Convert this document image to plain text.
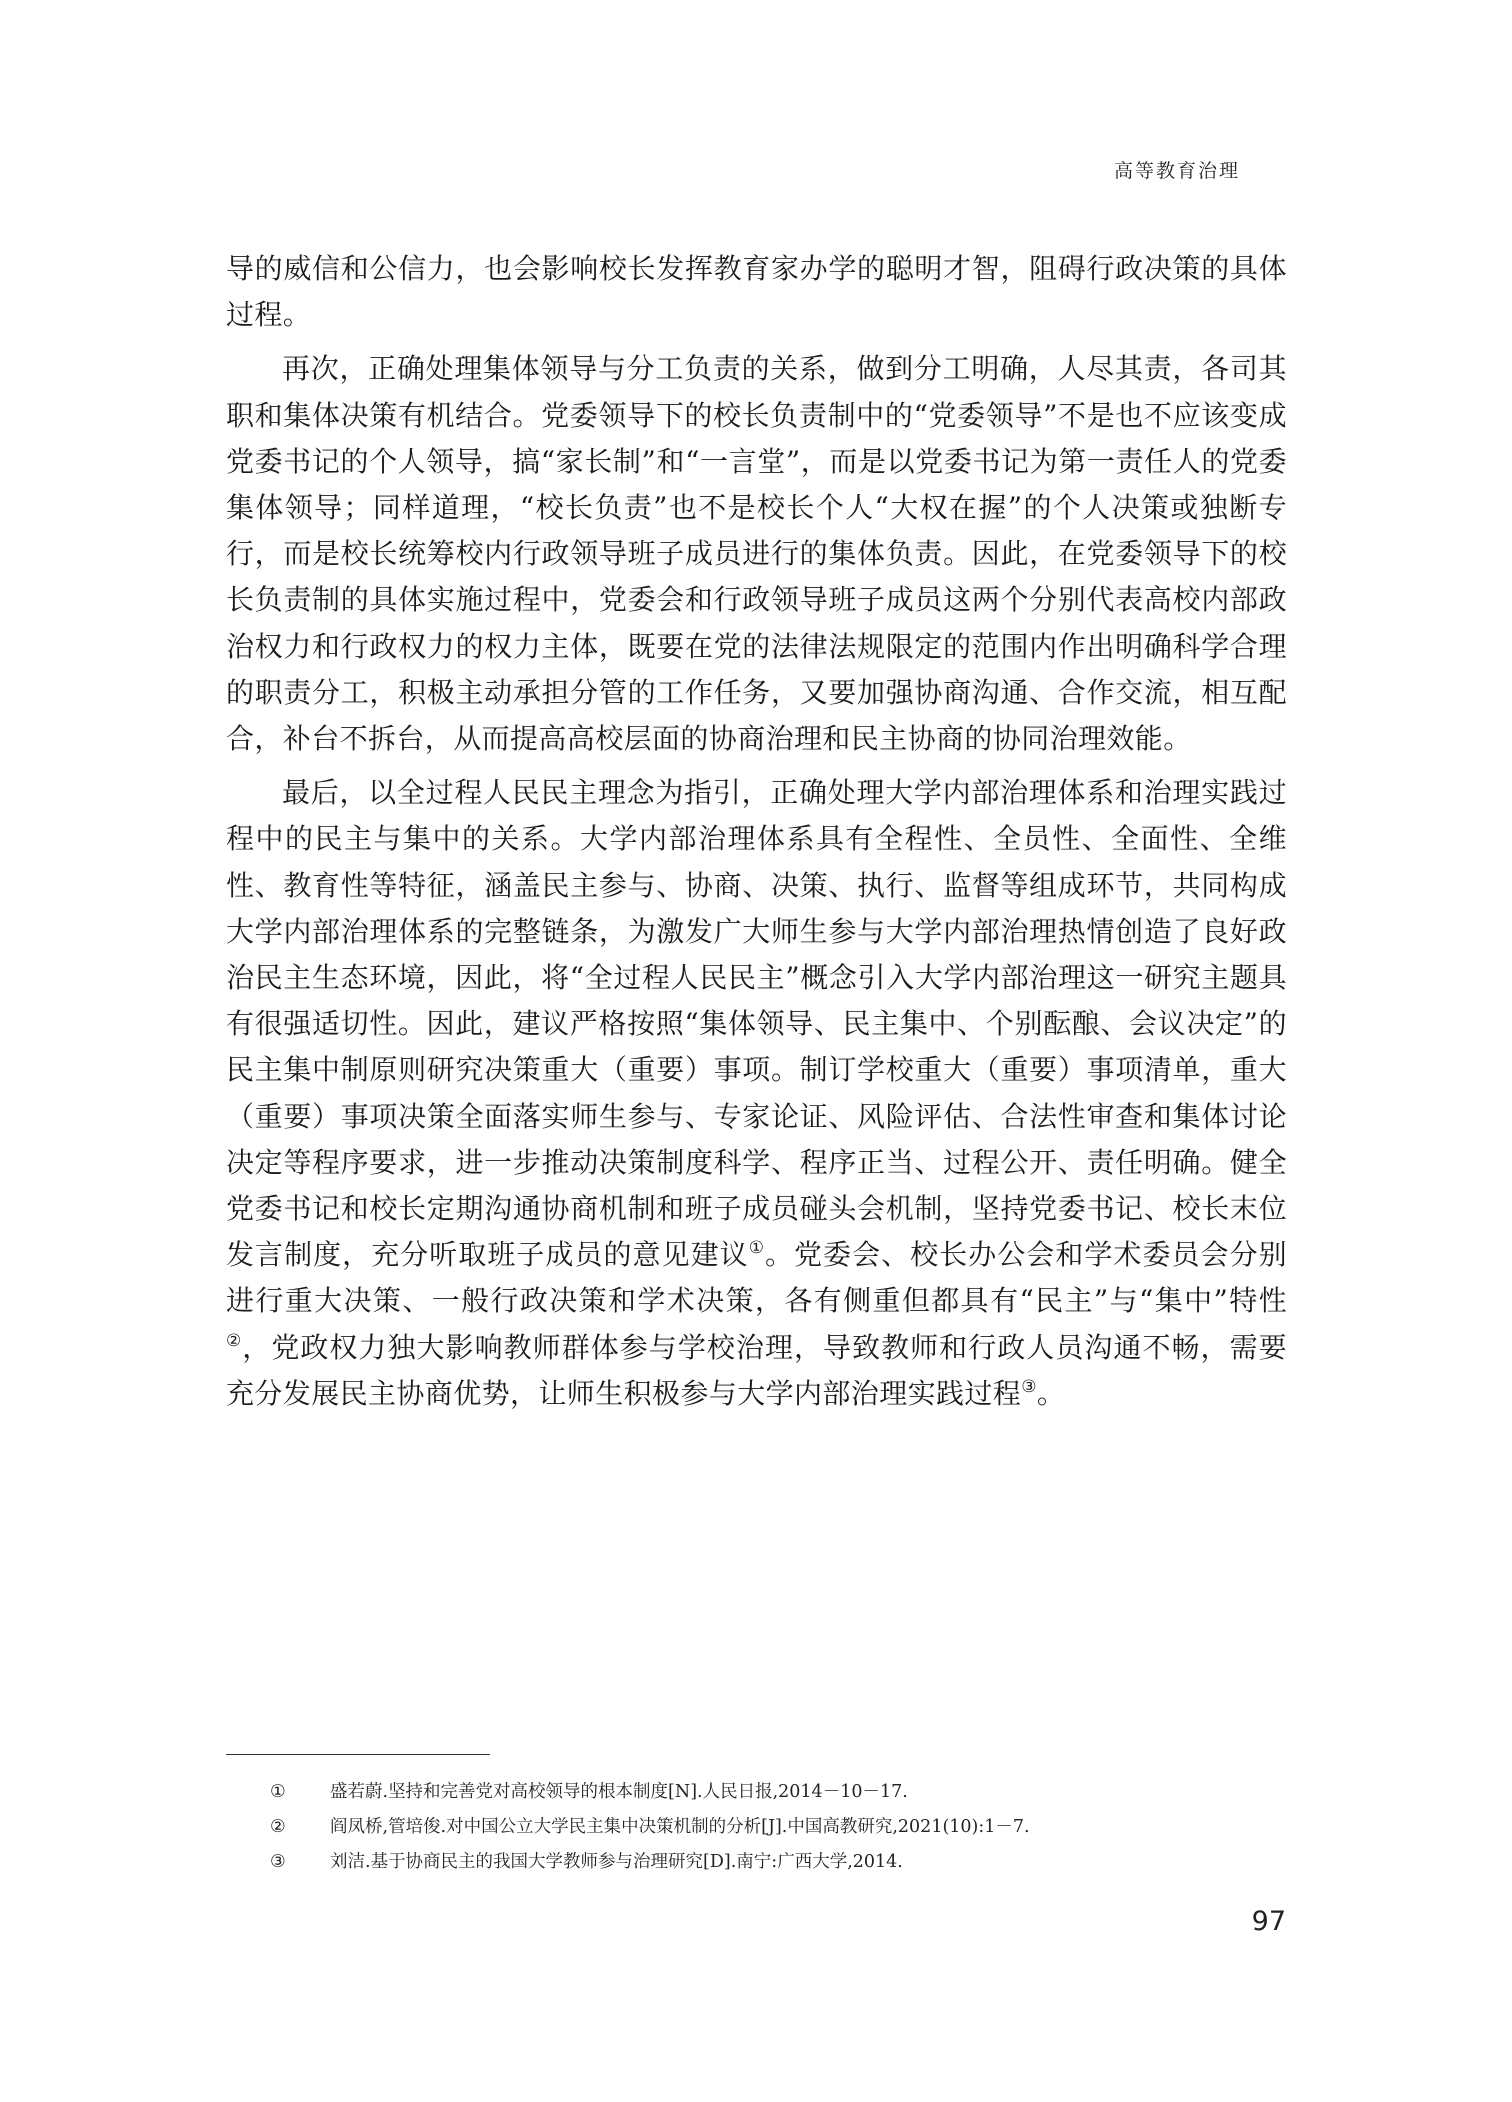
高等教育治理

导的威信和公信力，也会影响校长发挥教育家办学的聪明才智，阻碍行政决策的具体过程。

再次，正确处理集体领导与分工负责的关系，做到分工明确，人尽其责，各司其职和集体决策有机结合。党委领导下的校长负责制中的“党委领导”不是也不应该变成党委书记的个人领导，搞“家长制”和“一言堂”，而是以党委书记为第一责任人的党委集体领导；同样道理，“校长负责”也不是校长个人“大权在握”的个人决策或独断专行，而是校长统筹校内行政领导班子成员进行的集体负责。因此，在党委领导下的校长负责制的具体实施过程中，党委会和行政领导班子成员这两个分别代表高校内部政治权力和行政权力的权力主体，既要在党的法律法规限定的范围内作出明确科学合理的职责分工，积极主动承担分管的工作任务，又要加强协商沟通、合作交流，相互配合，补台不拆台，从而提高高校层面的协商治理和民主协商的协同治理效能。

最后，以全过程人民民主理念为指引，正确处理大学内部治理体系和治理实践过程中的民主与集中的关系。大学内部治理体系具有全程性、全员性、全面性、全维性、教育性等特征，涵盖民主参与、协商、决策、执行、监督等组成环节，共同构成大学内部治理体系的完整链条，为激发广大师生参与大学内部治理热情创造了良好政治民主生态环境，因此，将“全过程人民民主”概念引入大学内部治理这一研究主题具有很强适切性。因此，建议严格按照“集体领导、民主集中、个别酝酿、会议决定”的民主集中制原则研究决策重大（重要）事项。制订学校重大（重要）事项清单，重大（重要）事项决策全面落实师生参与、专家论证、风险评估、合法性审查和集体讨论决定等程序要求，进一步推动决策制度科学、程序正当、过程公开、责任明确。健全党委书记和校长定期沟通协商机制和班子成员碰头会机制，坚持党委书记、校长末位发言制度，充分听取班子成员的意见建议①。党委会、校长办公会和学术委员会分别进行重大决策、一般行政决策和学术决策，各有侧重但都具有“民主”与“集中”特性②，党政权力独大影响教师群体参与学校治理，导致教师和行政人员沟通不畅，需要充分发展民主协商优势，让师生积极参与大学内部治理实践过程③。

①	盛若蔚.坚持和完善党对高校领导的根本制度[N].人民日报,2014－10－17.
②	阎凤桥,管培俊.对中国公立大学民主集中决策机制的分析[J].中国高教研究,2021(10):1－7.
③	刘洁.基于协商民主的我国大学教师参与治理研究[D].南宁:广西大学,2014.
97
